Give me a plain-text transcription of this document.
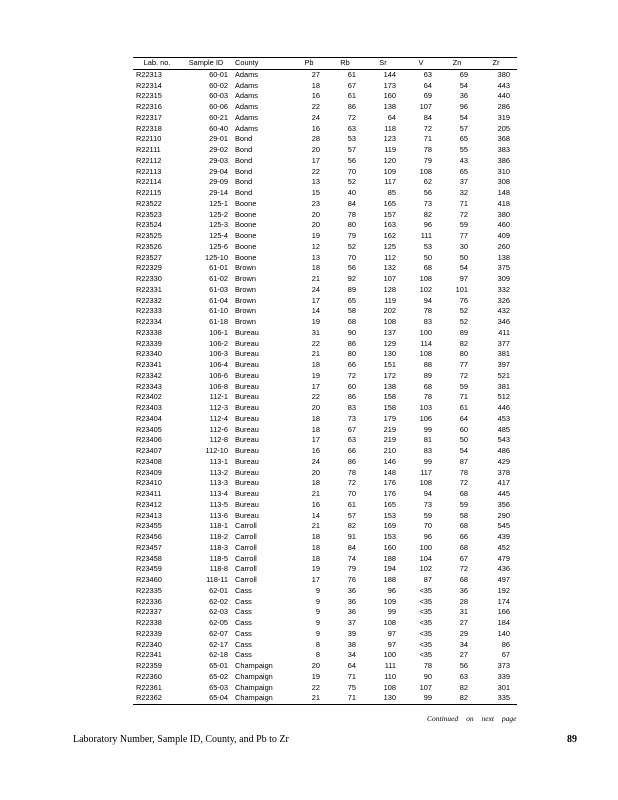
Lab. no.	Sample ID	County	Pb	Rb	Sr	V	Zn	Zr
R22313	60-01	Adams	27	61	144	63	69	380
R22314	60-02	Adams	18	67	173	64	54	443
R22315	60-03	Adams	16	61	160	69	36	440
R22316	60-06	Adams	22	86	138	107	96	286
R22317	60-21	Adams	24	72	64	84	54	319
R22318	60-40	Adams	16	63	118	72	57	205
R22110	29-01	Bond	28	53	123	71	65	368
R22111	29-02	Bond	20	57	119	78	55	383
R22112	29-03	Bond	17	56	120	79	43	386
R22113	29-04	Bond	22	70	109	108	65	310
R22114	29-09	Bond	13	52	117	62	37	308
R22115	29-14	Bond	15	40	85	56	32	148
R23522	125-1	Boone	23	84	165	73	71	418
R23523	125-2	Boone	20	78	157	82	72	380
R23524	125-3	Boone	20	80	163	96	59	460
R23525	125-4	Boone	19	79	162	111	77	409
R23526	125-6	Boone	12	52	125	53	30	260
R23527	125-10	Boone	13	70	112	50	50	138
R22329	61-01	Brown	18	56	132	68	54	375
R22330	61-02	Brown	21	92	107	108	97	309
R22331	61-03	Brown	24	89	128	102	101	332
R22332	61-04	Brown	17	65	119	94	76	326
R22333	61-10	Brown	14	58	202	78	52	432
R22334	61-18	Brown	19	68	108	83	52	346
R23338	106-1	Bureau	31	90	137	100	89	411
R23339	106-2	Bureau	22	86	129	114	82	377
R23340	106-3	Bureau	21	80	130	108	80	381
R23341	106-4	Bureau	18	66	151	88	77	397
R23342	106-6	Bureau	19	72	172	89	72	521
R23343	106-8	Bureau	17	60	138	68	59	381
R23402	112-1	Bureau	22	86	158	78	71	512
R23403	112-3	Bureau	20	83	158	103	61	446
R23404	112-4	Bureau	18	73	179	106	64	453
R23405	112-6	Bureau	18	67	219	99	60	485
R23406	112-8	Bureau	17	63	219	81	50	543
R23407	112-10	Bureau	16	66	210	83	54	486
R23408	113-1	Bureau	24	86	146	99	87	429
R23409	113-2	Bureau	20	78	148	117	78	378
R23410	113-3	Bureau	18	72	176	108	72	417
R23411	113-4	Bureau	21	70	176	94	68	445
R23412	113-5	Bureau	16	61	165	73	59	356
R23413	113-6	Bureau	14	57	153	59	58	290
R23455	118-1	Carroll	21	82	169	70	68	545
R23456	118-2	Carroll	18	91	153	96	66	439
R23457	118-3	Carroll	18	84	160	100	68	452
R23458	118-5	Carroll	18	74	188	104	67	479
R23459	118-8	Carroll	19	79	194	102	72	436
R23460	118-11	Carroll	17	76	188	87	68	497
R22335	62-01	Cass	9	36	96	<35	36	192
R22336	62-02	Cass	9	36	109	<35	28	174
R22337	62-03	Cass	9	36	99	<35	31	166
R22338	62-05	Cass	9	37	108	<35	27	184
R22339	62-07	Cass	9	39	97	<35	29	140
R22340	62-17	Cass	8	38	97	<35	34	86
R22341	62-18	Cass	8	34	100	<35	27	67
R22359	65-01	Champaign	20	64	111	78	56	373
R22360	65-02	Champaign	19	71	110	90	63	339
R22361	65-03	Champaign	22	75	108	107	82	301
R22362	65-04	Champaign	21	71	130	99	82	335
Continued on next page
Laboratory Number, Sample ID, County, and Pb to Zr	89
